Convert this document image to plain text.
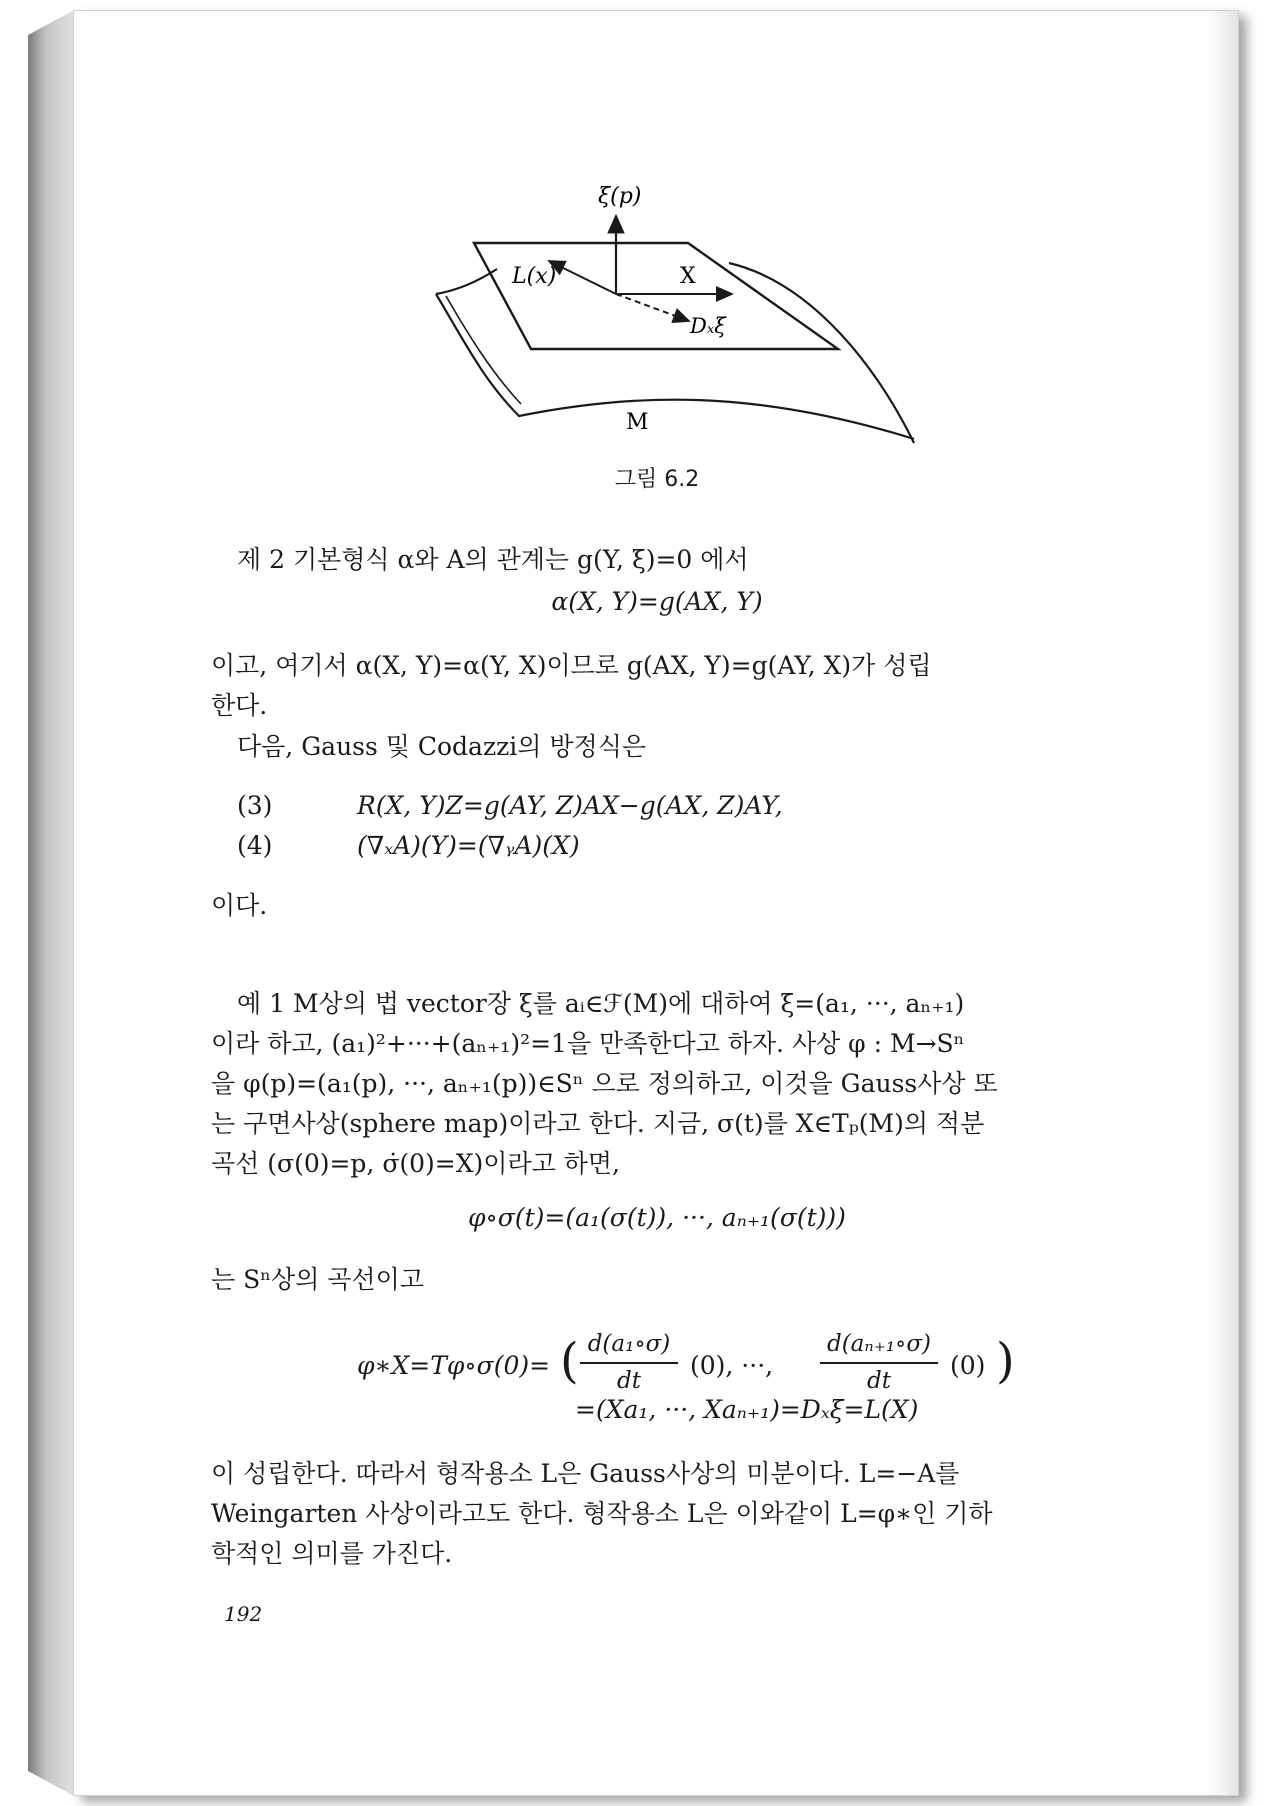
ξ(p)
L(x)	X
Dₓξ
M
그림 6.2
제 2 기본형식 α와 A의 관계는 g(Y, ξ)=0 에서
α(X, Y)=g(AX, Y)
이고, 여기서 α(X, Y)=α(Y, X)이므로 g(AX, Y)=g(AY, X)가 성립
한다.
다음, Gauss 및 Codazzi의 방정식은
(3)	R(X, Y)Z=g(AY, Z)AX−g(AX, Z)AY,
(4)	(∇ₓA)(Y)=(∇ᵧA)(X)
이다.
예 1 M상의 법 vector장 ξ를 aᵢ∈ℱ(M)에 대하여 ξ=(a₁, ···, aₙ₊₁)
이라 하고, (a₁)²+···+(aₙ₊₁)²=1을 만족한다고 하자. 사상 φ : M→Sⁿ
을 φ(p)=(a₁(p), ···, aₙ₊₁(p))∈Sⁿ 으로 정의하고, 이것을 Gauss사상 또
는 구면사상(sphere map)이라고 한다. 지금, σ(t)를 X∈Tₚ(M)의 적분
곡선 (σ(0)=p, σ̇(0)=X)이라고 하면,
φ∘σ(t)=(a₁(σ(t)), ···, aₙ₊₁(σ(t)))
는 Sⁿ상의 곡선이고
φ∗X=Tφ∘σ(0)= ( d(a₁∘σ)
dt
(0), ···,
d(aₙ₊₁∘σ)
dt
(0) )
=(Xa₁, ···, Xaₙ₊₁)=Dₓξ=L(X)
이 성립한다. 따라서 형작용소 L은 Gauss사상의 미분이다. L=−A를
Weingarten 사상이라고도 한다. 형작용소 L은 이와같이 L=φ∗인 기하
학적인 의미를 가진다.
192
